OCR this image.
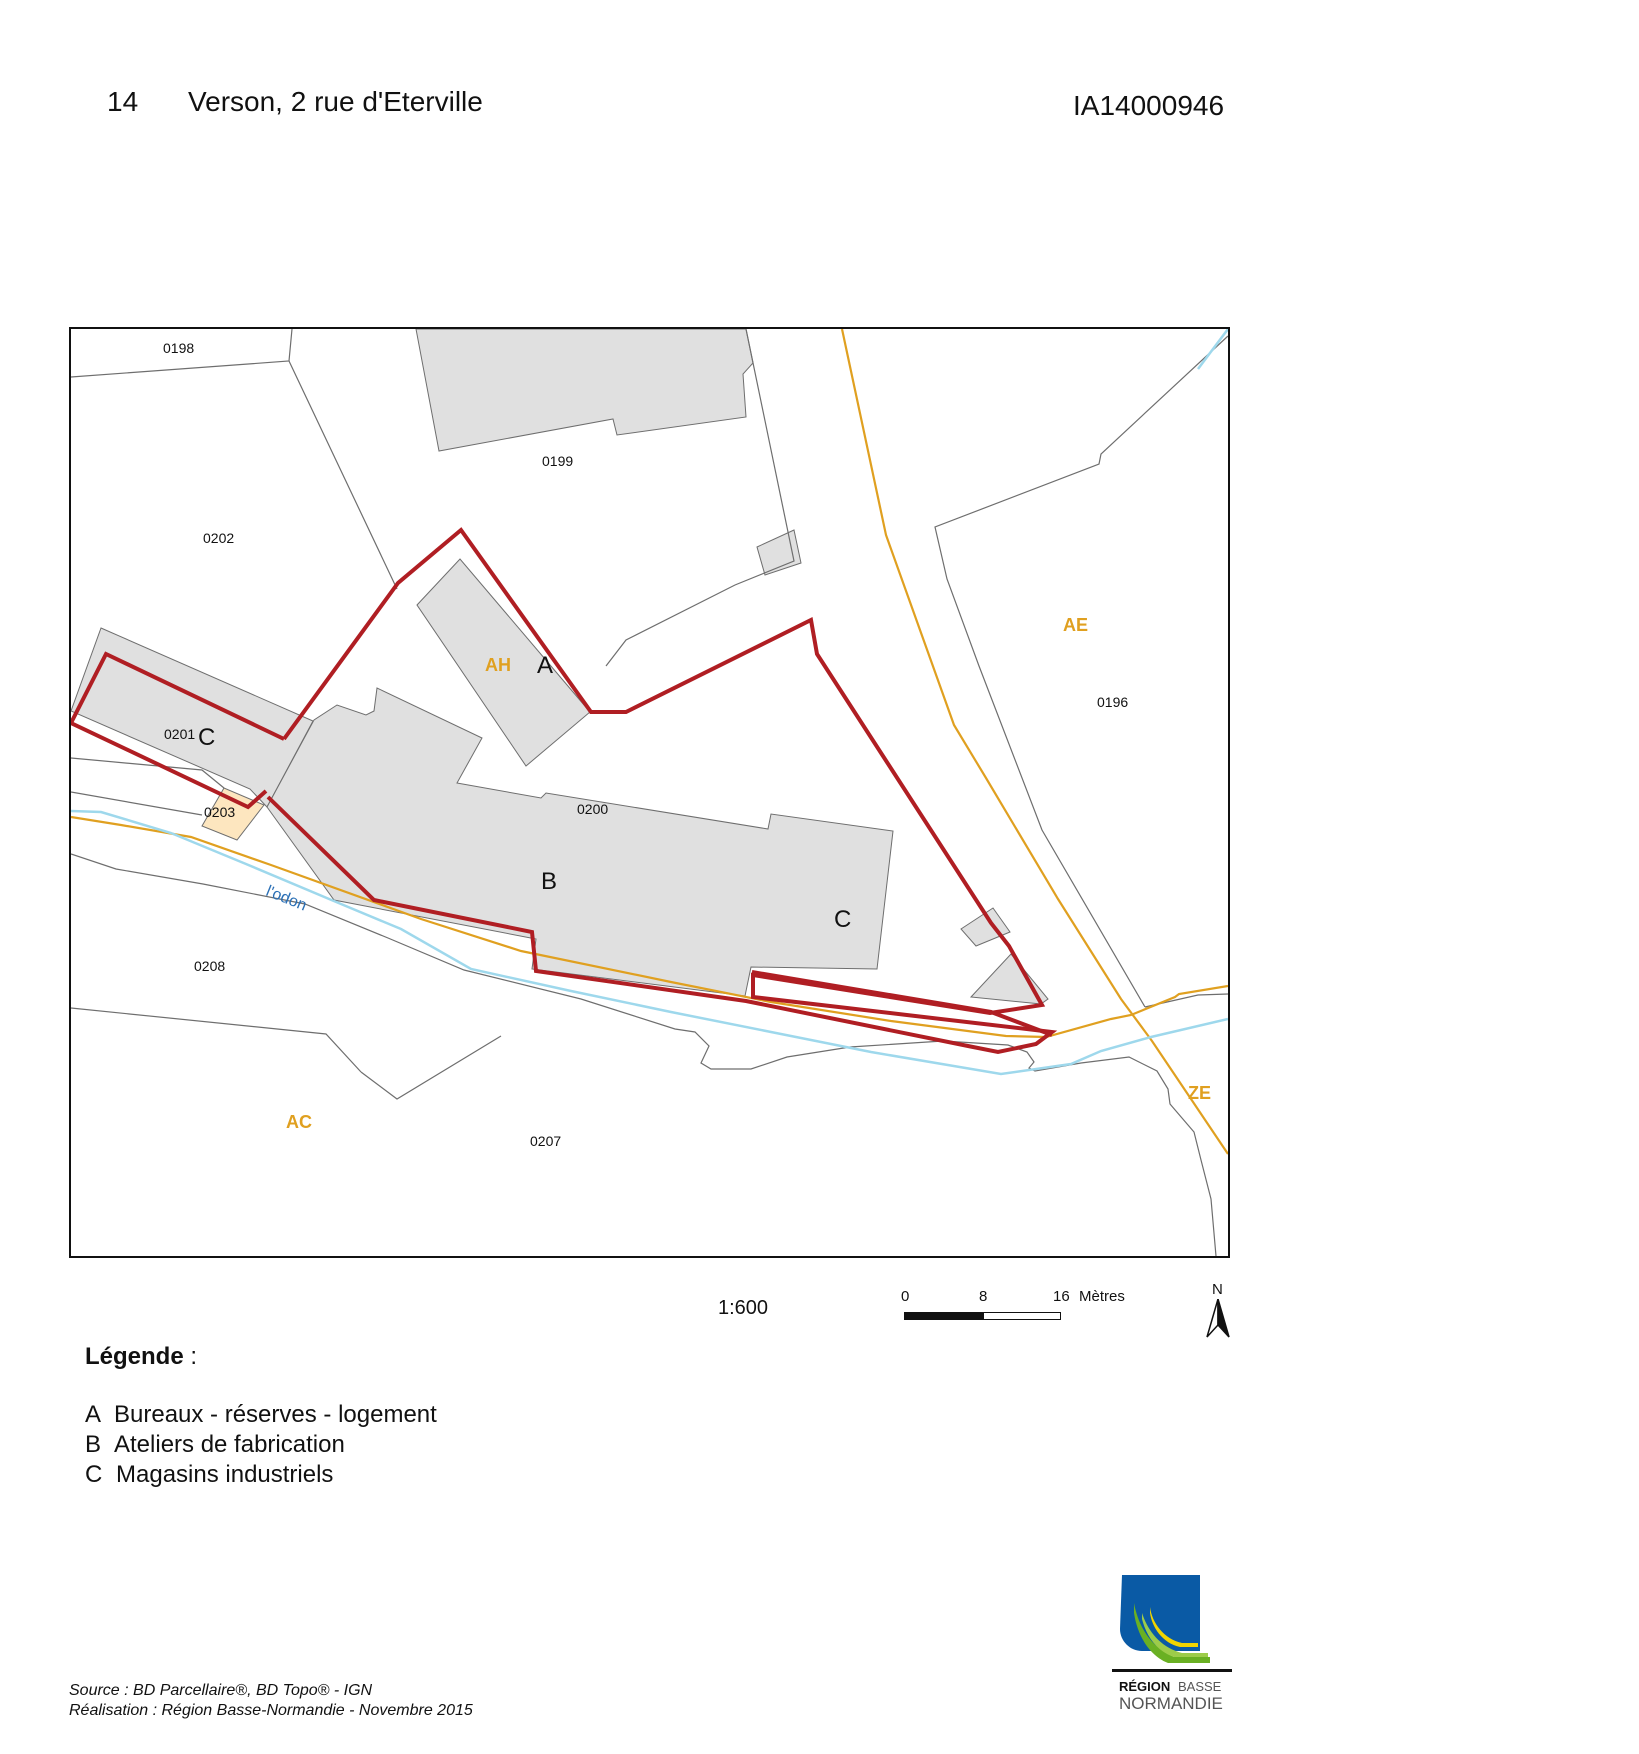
14 Verson, 2 rue d'Eterville	IA14000946
0198
0199
0202
0201
0203	0200
0196
0208
0207
AH
AE
AC
ZE
A
B
C
C
l'odon
1:600
0	8	16 Mètres	N
Légende :
A Bureaux - réserves - logement
B Ateliers de fabrication
C Magasins industriels
Source : BD Parcellaire®, BD Topo® - IGN
Réalisation : Région Basse-Normandie - Novembre 2015
RÉGION BASSE
NORMANDIE
